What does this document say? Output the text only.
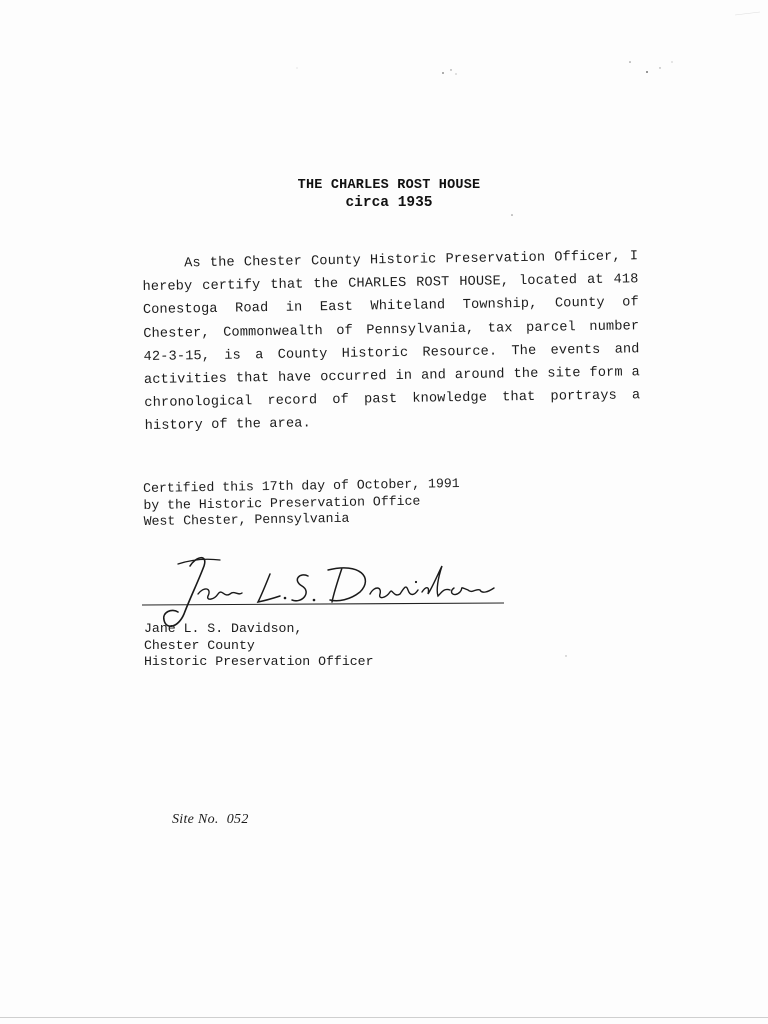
THE CHARLES ROST HOUSE
circa 1935
As the Chester County Historic Preservation Officer, I hereby certify that the CHARLES ROST HOUSE, located at 418 Conestoga Road in East Whiteland Township, County of Chester, Commonwealth of Pennsylvania, tax parcel number 42-3-15, is a County Historic Resource. The events and activities that have occurred in and around the site form a chronological record of past knowledge that portrays a history of the area.
Certified this 17th day of October, 1991
by the Historic Preservation Office
West Chester, Pennsylvania
Jane L. S. Davidson,
Chester County
Historic Preservation Officer
Site No. 052
